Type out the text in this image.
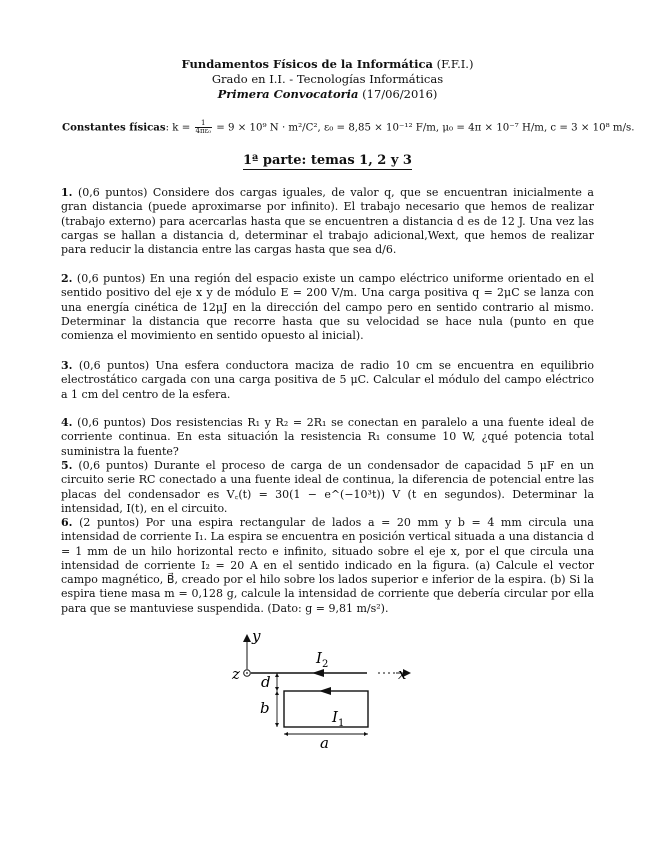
Fundamentos Físicos de la Informática (F.F.I.)
Grado en I.I. - Tecnologías Informáticas
Primera Convocatoria (17/06/2016)
Constantes físicas: $k = \frac{1}{\text{4πε₀}} = 9 \times 10^9$ N · m²/C², ε₀ = 8,85 × 10⁻¹² F/m, μ₀ = 4π × 10⁻⁷ H/m, c = 3 × 10⁸ m/s.
1ª parte: temas 1, 2 y 3
1. (0,6 puntos) Considere dos cargas iguales, de valor q, que se encuentran inicialmente a gran distancia (puede aproximarse por infinito). El trabajo necesario que hemos de realizar (trabajo externo) para acercarlas hasta que se encuentren a distancia d es de 12 J. Una vez las cargas se hallan a distancia d, determinar el trabajo adicional,Wext, que hemos de realizar para reducir la distancia entre las cargas hasta que sea d/6.
2. (0,6 puntos) En una región del espacio existe un campo eléctrico uniforme orientado en el sentido positivo del eje x y de módulo E = 200 V/m. Una carga positiva q = 2μC se lanza con una energía cinética de 12μJ en la dirección del campo pero en sentido contrario al mismo. Determinar la distancia que recorre hasta que su velocidad se hace nula (punto en que comienza el movimiento en sentido opuesto al inicial).
3. (0,6 puntos) Una esfera conductora maciza de radio 10 cm se encuentra en equilibrio electrostático cargada con una carga positiva de 5 μC. Calcular el módulo del campo eléctrico a 1 cm del centro de la esfera.
4. (0,6 puntos) Dos resistencias R₁ y R₂ = 2R₁ se conectan en paralelo a una fuente ideal de corriente continua. En esta situación la resistencia R₁ consume 10 W, ¿qué potencia total suministra la fuente?
5. (0,6 puntos) Durante el proceso de carga de un condensador de capacidad 5 μF en un circuito serie RC conectado a una fuente ideal de continua, la diferencia de potencial entre las placas del condensador es V꜀(t) = 30(1 − e^(−10³t)) V (t en segundos). Determinar la intensidad, I(t), en el circuito.
6. (2 puntos) Por una espira rectangular de lados a = 20 mm y b = 4 mm circula una intensidad de corriente I₁. La espira se encuentra en posición vertical situada a una distancia d = 1 mm de un hilo horizontal recto e infinito, situado sobre el eje x, por el que circula una intensidad de corriente I₂ = 20 A en el sentido indicado en la figura. (a) Calcule el vector campo magnético, B⃗, creado por el hilo sobre los lados superior e inferior de la espira. (b) Si la espira tiene masa m = 0,128 g, calcule la intensidad de corriente que debería circular por ella para que se mantuviese suspendida. (Dato: g = 9,81 m/s²).
y
z	x
$I_2$
$I_1$
d
b
a
